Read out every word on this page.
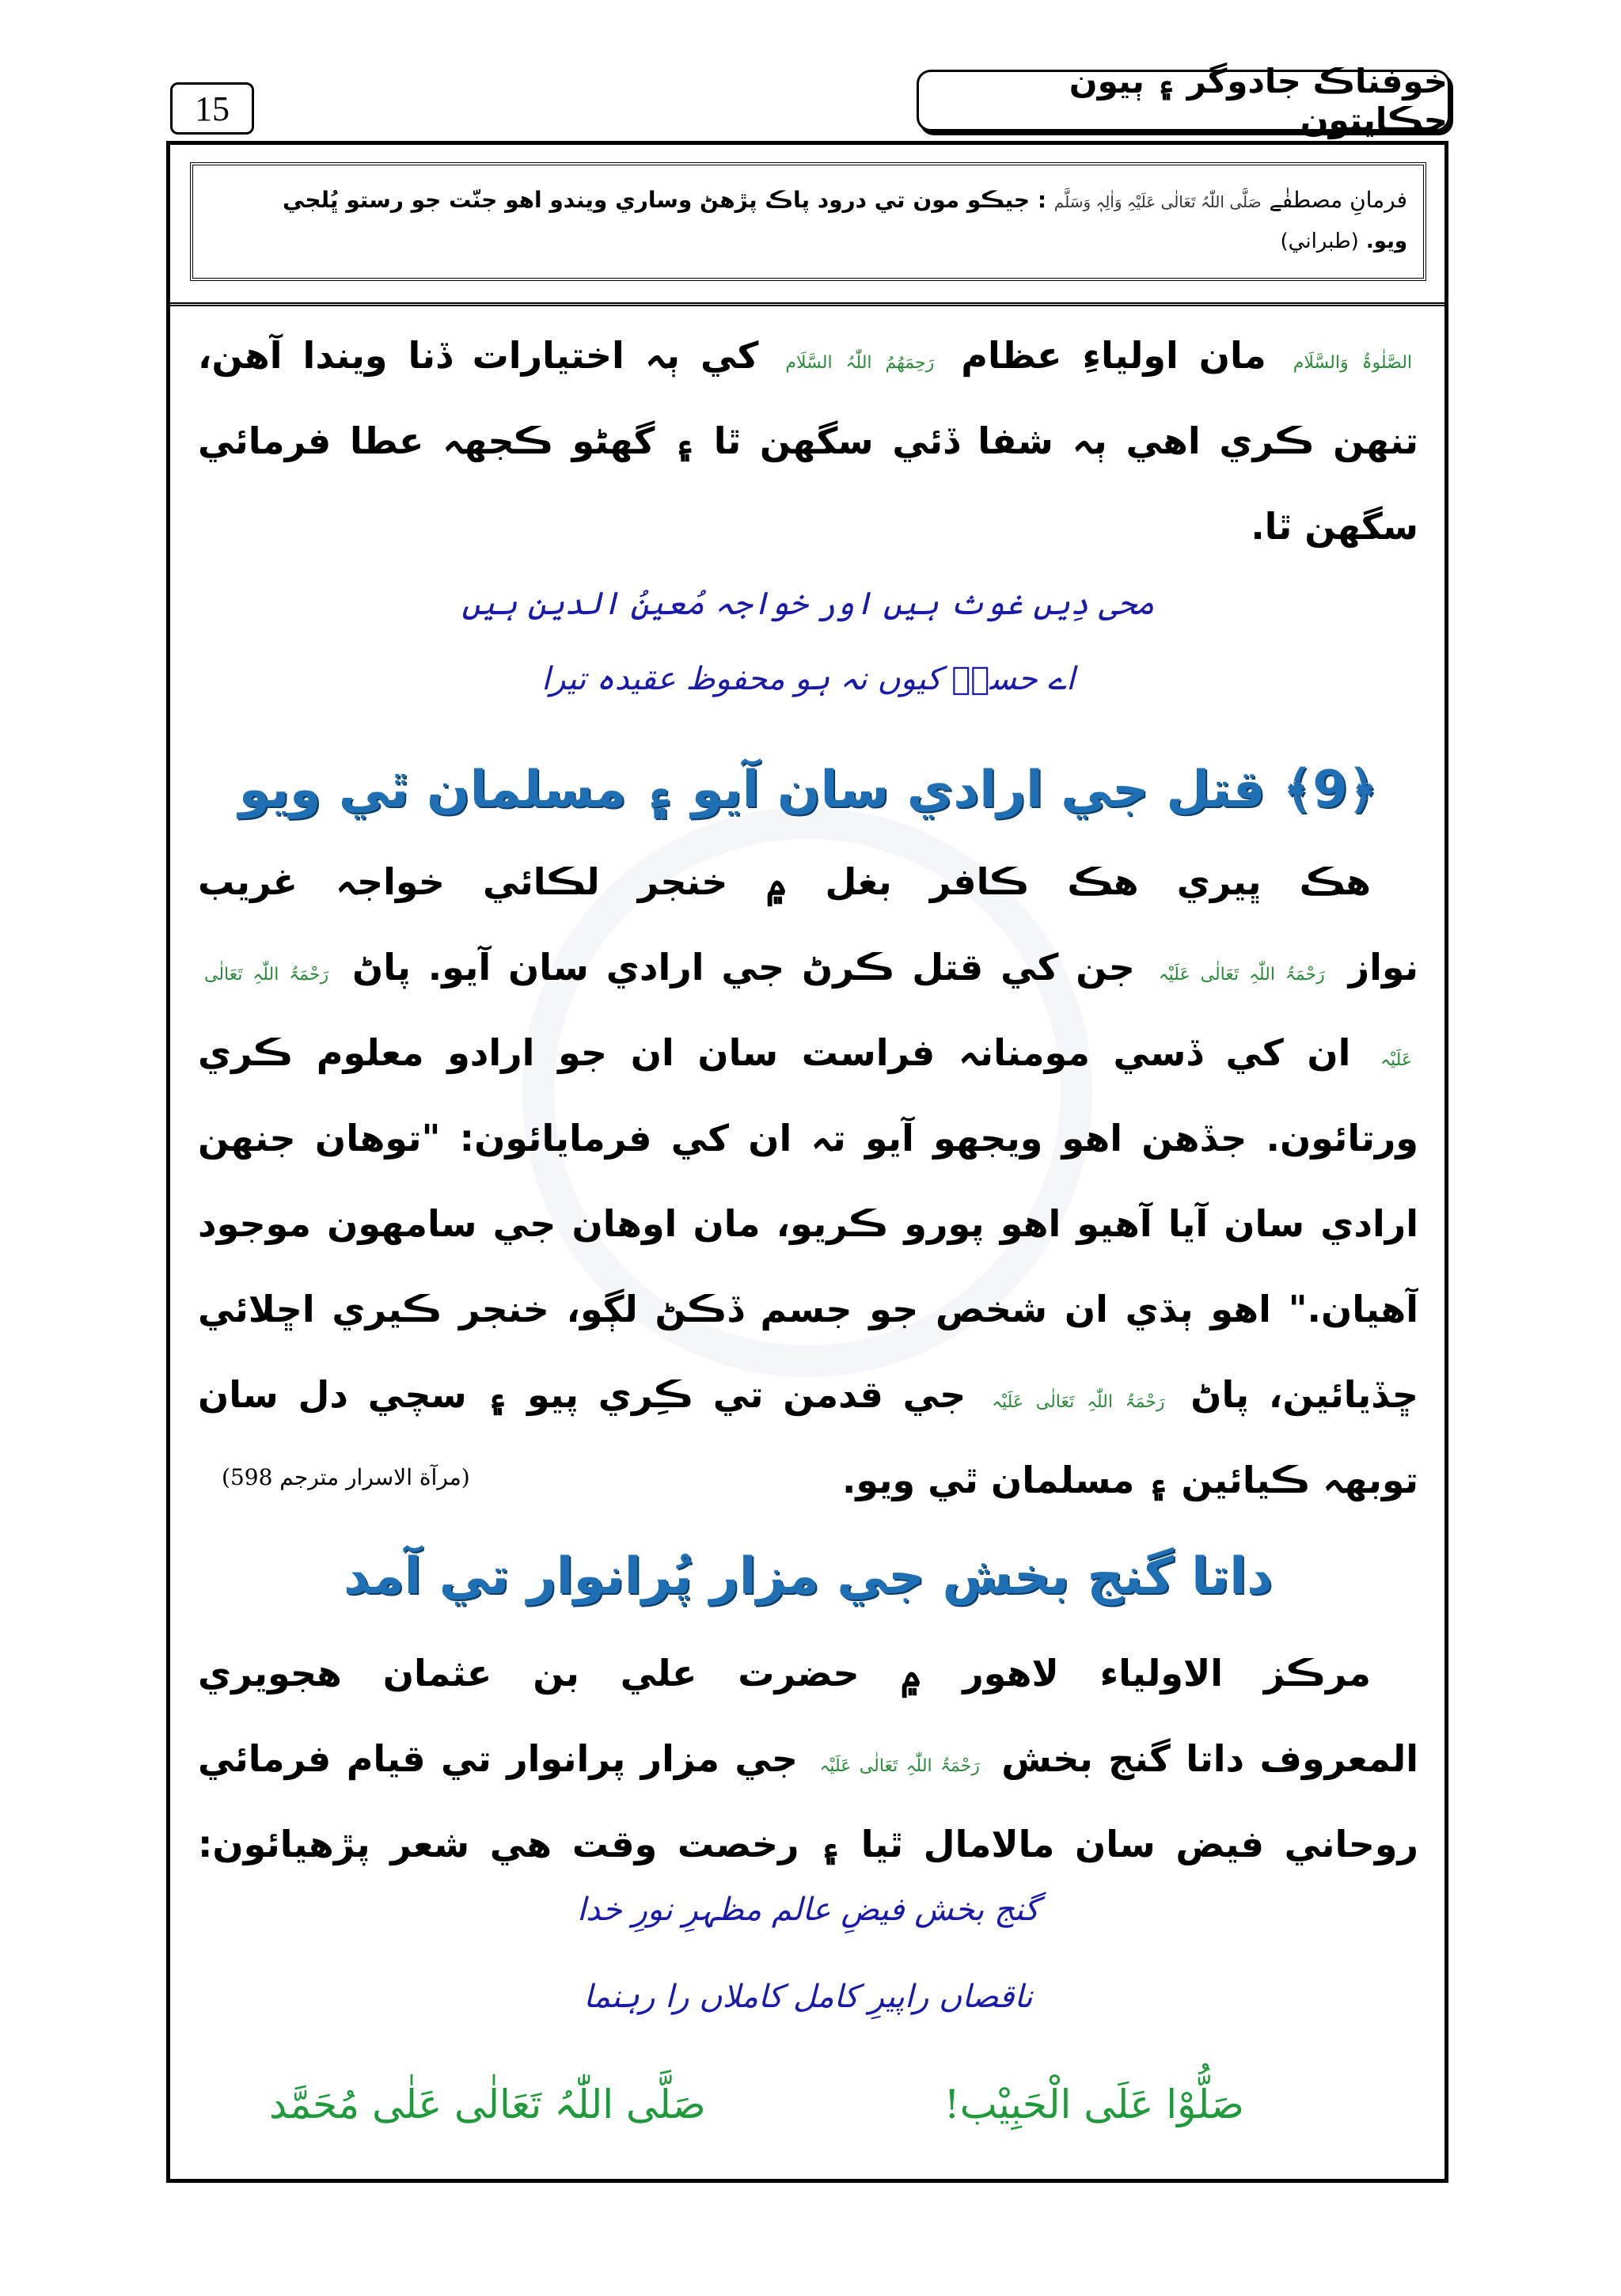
15
خوفناڪ جادوگر ۽ ٻيون حڪايتون
فرمانِ مصطفٰے صَلَّی اللّٰہُ تَعَالٰی عَلَیْہِ وَاٰلِہٖ وَسَلَّم : جيڪو مون تي درود پاڪ پڙهڻ وساري ويندو اهو جنّت جو رستو ڀُلجي
ويو. (طبراني)
الصَّلٰوۃُ وَالسَّلَام مان اولياءِ عظام رَحِمَهُمُ اللّٰہُ السَّلَام کي ٻہ اختيارات ڏنا ويندا آهن،
تنهن ڪري اهي ٻہ شفا ڏئي سگهن ٿا ۽ گهڻو ڪجهہ عطا فرمائي
سگهن ٿا.
محی دِیں غوث ہیں اور خواجہ مُعینُ الدین ہیں
اے حسنؔ کیوں نہ ہو محفوظ عقیدہ تیرا
﴿9﴾ قتل جي ارادي سان آيو ۽ مسلمان ٿي ويو
هڪ ڀيري هڪ ڪافر بغل ۾ خنجر لڪائي خواجہ غريب
نواز رَحْمَۃُ اللّٰہِ تَعَالٰی عَلَیْہ جن کي قتل ڪرڻ جي ارادي سان آيو. پاڻ رَحْمَۃُ اللّٰہِ تَعَالٰی
عَلَیْہ ان کي ڏسي مومنانہ فراست سان ان جو ارادو معلوم ڪري
ورتائون. جڏهن اهو ويجهو آيو تہ ان کي فرمايائون: "توهان جنهن
ارادي سان آيا آهيو اهو پورو ڪريو، مان اوهان جي سامهون موجود
آهيان." اهو ٻڌي ان شخص جو جسم ڏڪڻ لڳو، خنجر ڪيري اڇلائي
ڇڏيائين، پاڻ رَحْمَۃُ اللّٰہِ تَعَالٰی عَلَیْہ جي قدمن تي ڪِري پيو ۽ سچي دل سان
توبهہ ڪيائين ۽ مسلمان ٿي ويو.
(مرآة الاسرار مترجم 598)
داتا گنج بخش جي مزار پُرانوار تي آمد
مرڪز الاولياء لاهور ۾ حضرت علي بن عثمان هجويري
المعروف داتا گنج بخش رَحْمَۃُ اللّٰہِ تَعَالٰی عَلَیْہ جي مزار پرانوار تي قيام فرمائي
روحاني فيض سان مالامال ٿيا ۽ رخصت وقت هي شعر پڙهيائون:
گنج بخش فیضِ عالم مظہرِ نورِ خدا
ناقصاں راپیرِ کامل کاملاں را رہنما
صَلُّوْا عَلَی الْحَبِیْب!
صَلَّی اللّٰہُ تَعَالٰی عَلٰی مُحَمَّد
